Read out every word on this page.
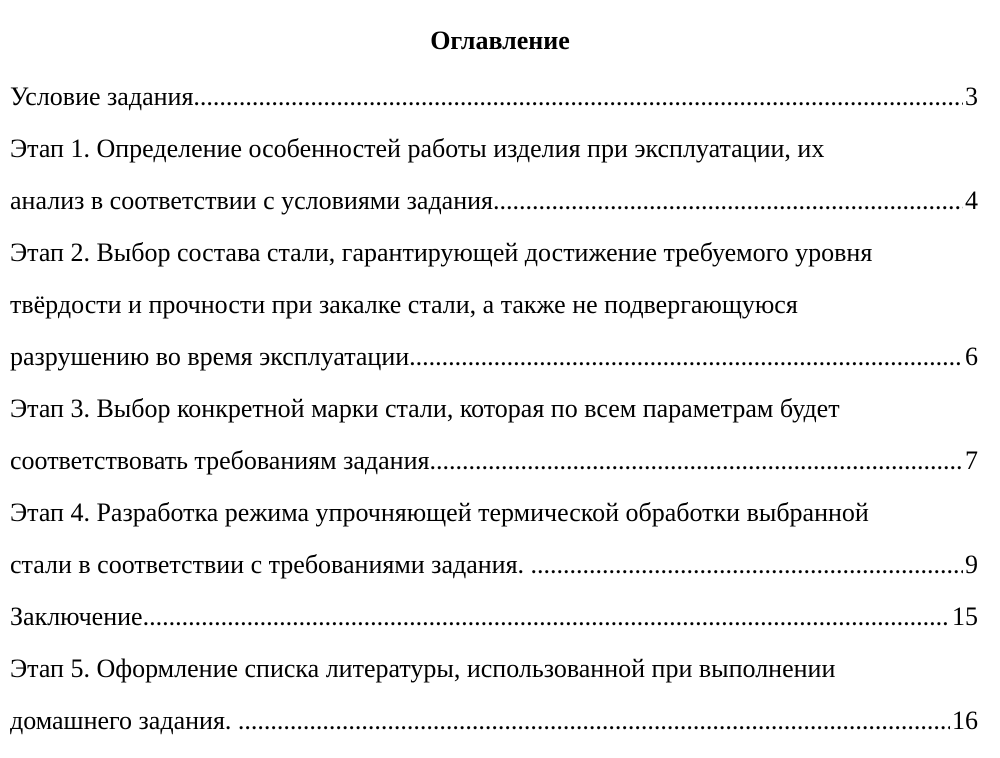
Оглавление
Условие задания .....	3
Этап 1. Определение особенностей работы изделия при эксплуатации, их
анализ в соответствии с условиями задания. .....	4
Этап 2. Выбор состава стали, гарантирующей достижение требуемого уровня
твёрдости и прочности при закалке стали, а также не подвергающуюся
разрушению во время эксплуатации. .....	6
Этап 3. Выбор конкретной марки стали, которая по всем параметрам будет
соответствовать требованиям задания. .....	7
Этап 4. Разработка режима упрочняющей термической обработки выбранной
стали в соответствии с требованиями задания. .....	9
Заключение .....	15
Этап 5. Оформление списка литературы, использованной при выполнении
домашнего задания. .....	16
